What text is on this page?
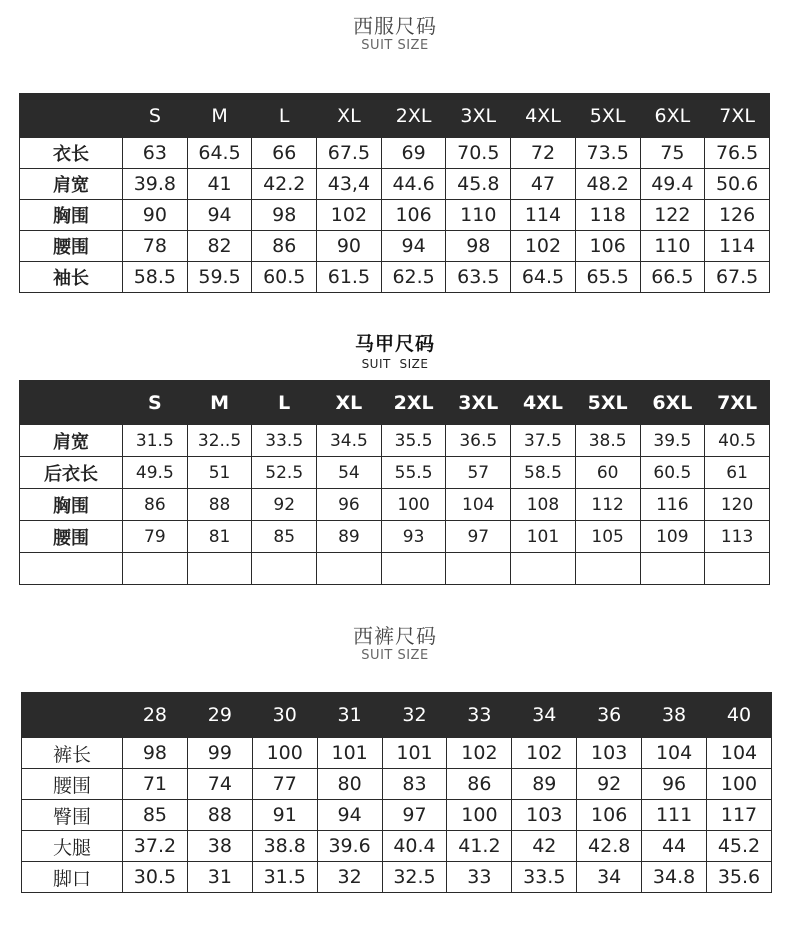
西服尺码
SUIT SIZE
	S	M	L	XL	2XL	3XL	4XL	5XL	6XL	7XL
衣长	63	64.5	66	67.5	69	70.5	72	73.5	75	76.5
肩宽	39.8	41	42.2	43,4	44.6	45.8	47	48.2	49.4	50.6
胸围	90	94	98	102	106	110	114	118	122	126
腰围	78	82	86	90	94	98	102	106	110	114
袖长	58.5	59.5	60.5	61.5	62.5	63.5	64.5	65.5	66.5	67.5
马甲尺码
SUIT  SIZE
	S	M	L	XL	2XL	3XL	4XL	5XL	6XL	7XL
肩宽	31.5	32..5	33.5	34.5	35.5	36.5	37.5	38.5	39.5	40.5
后衣长	49.5	51	52.5	54	55.5	57	58.5	60	60.5	61
胸围	86	88	92	96	100	104	108	112	116	120
腰围	79	81	85	89	93	97	101	105	109	113

西裤尺码
SUIT SIZE
	28	29	30	31	32	33	34	36	38	40
裤长	98	99	100	101	101	102	102	103	104	104
腰围	71	74	77	80	83	86	89	92	96	100
臀围	85	88	91	94	97	100	103	106	111	117
大腿	37.2	38	38.8	39.6	40.4	41.2	42	42.8	44	45.2
脚口	30.5	31	31.5	32	32.5	33	33.5	34	34.8	35.6
